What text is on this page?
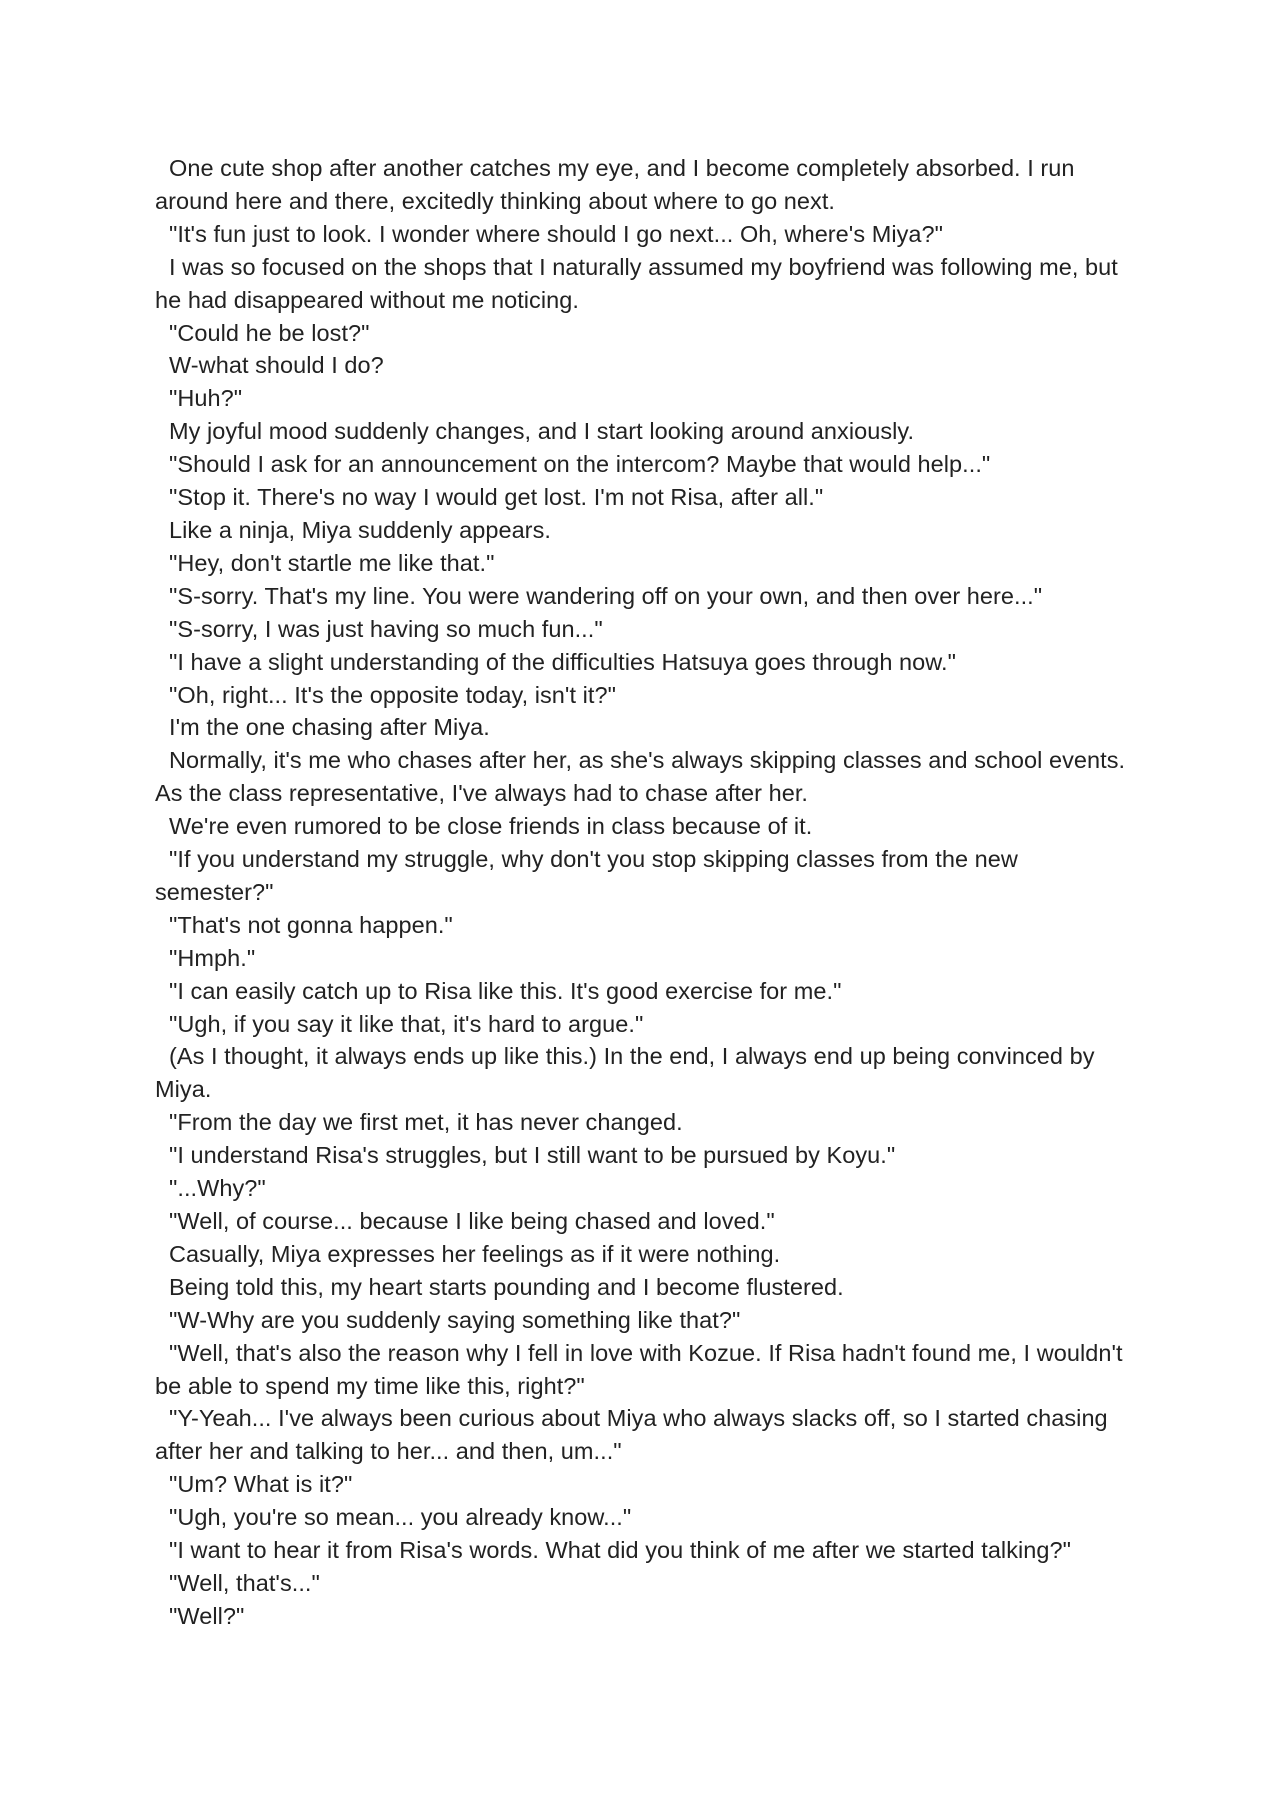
One cute shop after another catches my eye, and I become completely absorbed. I run around here and there, excitedly thinking about where to go next.

"It's fun just to look. I wonder where should I go next... Oh, where's Miya?"

I was so focused on the shops that I naturally assumed my boyfriend was following me, but he had disappeared without me noticing.

"Could he be lost?"

W-what should I do?

"Huh?"

My joyful mood suddenly changes, and I start looking around anxiously.

"Should I ask for an announcement on the intercom? Maybe that would help..."

"Stop it. There's no way I would get lost. I'm not Risa, after all."

Like a ninja, Miya suddenly appears.

"Hey, don't startle me like that."

"S-sorry. That's my line. You were wandering off on your own, and then over here..."

"S-sorry, I was just having so much fun..."

"I have a slight understanding of the difficulties Hatsuya goes through now."

"Oh, right... It's the opposite today, isn't it?"

I'm the one chasing after Miya.

Normally, it's me who chases after her, as she's always skipping classes and school events. As the class representative, I've always had to chase after her.

We're even rumored to be close friends in class because of it.

"If you understand my struggle, why don't you stop skipping classes from the new semester?"

"That's not gonna happen."

"Hmph."

"I can easily catch up to Risa like this. It's good exercise for me."

"Ugh, if you say it like that, it's hard to argue."

(As I thought, it always ends up like this.) In the end, I always end up being convinced by Miya.

"From the day we first met, it has never changed.

"I understand Risa's struggles, but I still want to be pursued by Koyu."

"...Why?"

"Well, of course... because I like being chased and loved."

Casually, Miya expresses her feelings as if it were nothing.

Being told this, my heart starts pounding and I become flustered.

"W-Why are you suddenly saying something like that?"

"Well, that's also the reason why I fell in love with Kozue. If Risa hadn't found me, I wouldn't be able to spend my time like this, right?"

"Y-Yeah... I've always been curious about Miya who always slacks off, so I started chasing after her and talking to her... and then, um..."

"Um? What is it?"

"Ugh, you're so mean... you already know..."

"I want to hear it from Risa's words. What did you think of me after we started talking?"

"Well, that's..."

"Well?"
